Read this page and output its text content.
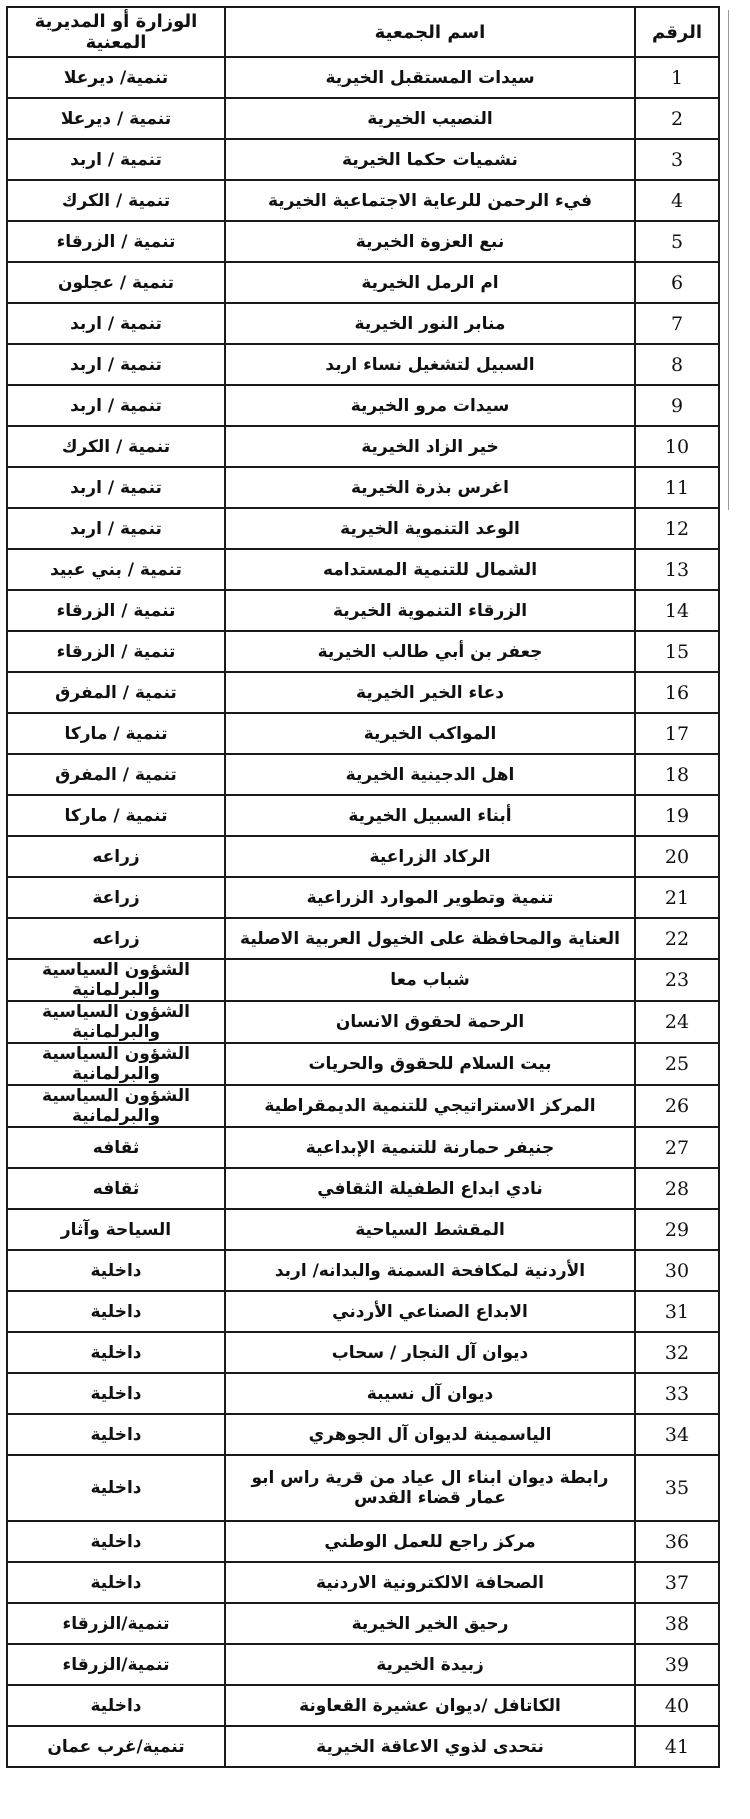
الرقم	اسم الجمعية	الوزارة أو المديرية المعنية
1	سيدات المستقبل الخيرية	تنمية/ ديرعلا
2	النصيب الخيرية	تنمية / ديرعلا
3	نشميات حكما الخيرية	تنمية / اربد
4	فيء الرحمن للرعاية الاجتماعية الخيرية	تنمية / الكرك
5	نبع العزوة الخيرية	تنمية / الزرقاء
6	ام الرمل الخيرية	تنمية / عجلون
7	منابر النور الخيرية	تنمية / اربد
8	السبيل لتشغيل نساء اربد	تنمية / اربد
9	سيدات مرو الخيرية	تنمية / اربد
10	خير الزاد الخيرية	تنمية / الكرك
11	اغرس بذرة الخيرية	تنمية / اربد
12	الوعد التنموية الخيرية	تنمية / اربد
13	الشمال للتنمية المستدامه	تنمية / بني عبيد
14	الزرقاء التنموية الخيرية	تنمية / الزرقاء
15	جعفر بن أبي طالب الخيرية	تنمية / الزرقاء
16	دعاء الخير الخيرية	تنمية / المفرق
17	المواكب الخيرية	تنمية / ماركا
18	اهل الدجينية الخيرية	تنمية / المفرق
19	أبناء السبيل الخيرية	تنمية / ماركا
20	الركاد الزراعية	زراعه
21	تنمية وتطوير الموارد الزراعية	زراعة
22	العناية والمحافظة على الخيول العربية الاصلية	زراعه
23	شباب معا	الشؤون السياسية والبرلمانية
24	الرحمة لحقوق الانسان	الشؤون السياسية والبرلمانية
25	بيت السلام للحقوق والحريات	الشؤون السياسية والبرلمانية
26	المركز الاستراتيجي للتنمية الديمقراطية	الشؤون السياسية والبرلمانية
27	جنيفر حمارنة للتنمية الإبداعية	ثقافه
28	نادي ابداع الطفيلة الثقافي	ثقافه
29	المقشط السياحية	السياحة وآثار
30	الأردنية لمكافحة السمنة والبدانه/ اربد	داخلية
31	الابداع الصناعي الأردني	داخلية
32	ديوان آل النجار / سحاب	داخلية
33	ديوان آل نسيبة	داخلية
34	الياسمينة لديوان آل الجوهري	داخلية
35	رابطة ديوان ابناء ال عياد من قرية راس ابو عمار قضاء القدس	داخلية
36	مركز راجع للعمل الوطني	داخلية
37	الصحافة الالكترونية الاردنية	داخلية
38	رحيق الخير الخيرية	تنمية/الزرقاء
39	زبيدة الخيرية	تنمية/الزرقاء
40	الكاتافل /ديوان عشيرة القعاونة	داخلية
41	نتحدى لذوي الاعاقة الخيرية	تنمية/غرب عمان
